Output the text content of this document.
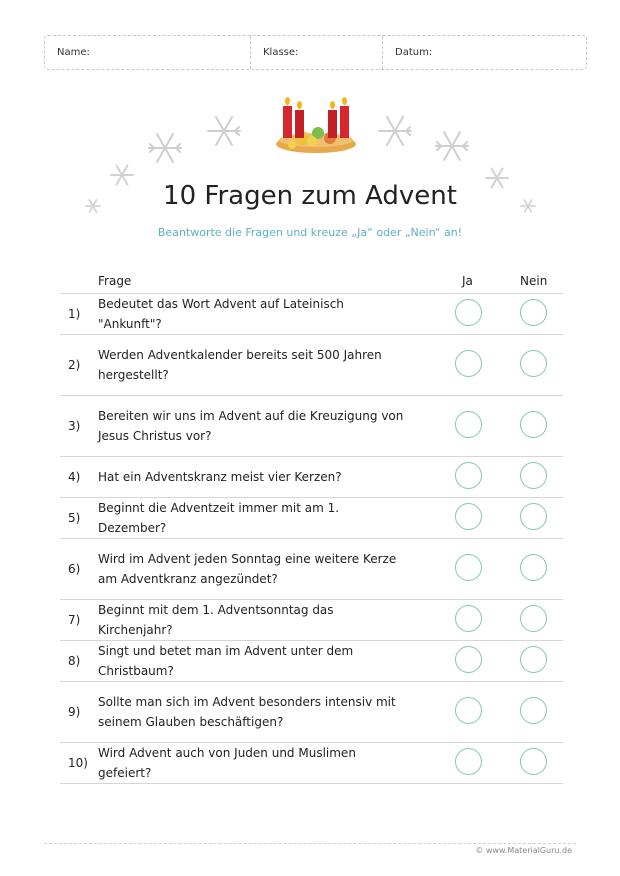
Name:	Klasse:	Datum:
10 Fragen zum Advent
Beantworte die Fragen und kreuze „Ja“ oder „Nein“ an!
Frage	Ja	Nein
1)
Bedeutet das Wort Advent auf Lateinisch "Ankunft"?
2)
Werden Adventkalender bereits seit 500 Jahren hergestellt?
3)
Bereiten wir uns im Advent auf die Kreuzigung von Jesus Christus vor?
4) Hat ein Adventskranz meist vier Kerzen?
5)
Beginnt die Adventzeit immer mit am 1. Dezember?
6)
Wird im Advent jeden Sonntag eine weitere Kerze am Adventkranz angezündet?
7)
Beginnt mit dem 1. Adventsonntag das Kirchenjahr?
8)
Singt und betet man im Advent unter dem Christbaum?
9)
Sollte man sich im Advent besonders intensiv mit seinem Glauben beschäftigen?
10)
Wird Advent auch von Juden und Muslimen gefeiert?
© www.MaterialGuru.de
